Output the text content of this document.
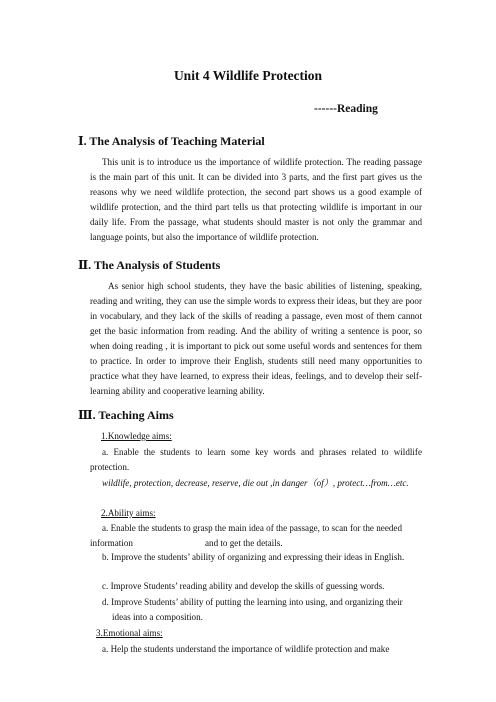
Unit 4 Wildlife Protection
------Reading
Ⅰ. The Analysis of Teaching Material
This unit is to introduce us the importance of wildlife protection. The reading passage is the main part of this unit. It can be divided into 3 parts, and the first part gives us the reasons why we need wildlife protection, the second part shows us a good example of wildlife protection, and the third part tells us that protecting wildlife is important in our daily life. From the passage, what students should master is not only the grammar and language points, but also the importance of wildlife protection.
Ⅱ. The Analysis of Students
As senior high school students, they have the basic abilities of listening, speaking, reading and writing, they can use the simple words to express their ideas, but they are poor in vocabulary, and they lack of the skills of reading a passage, even most of them cannot get the basic information from reading. And the ability of writing a sentence is poor, so when doing reading , it is important to pick out some useful words and sentences for them to practice. In order to improve their English, students still need many opportunities to practice what they have learned, to express their ideas, feelings, and to develop their self-learning ability and cooperative learning ability.
Ⅲ. Teaching Aims
1.Knowledge aims:
a. Enable the students to learn some key words and phrases related to wildlife protection.
wildlife, protection, decrease, reserve, die out ,in danger（of）, protect…from…etc.
2.Ability aims:
a. Enable the students to grasp the main idea of the passage, to scan for the needed
information	and to get the details.
b. Improve the students’ ability of organizing and expressing their ideas in English.
c. Improve Students’ reading ability and develop the skills of guessing words.
d. Improve Students’ ability of putting the learning into using, and organizing their
ideas into a composition.
3.Emotional aims:
a. Help the students understand the importance of wildlife protection and make
